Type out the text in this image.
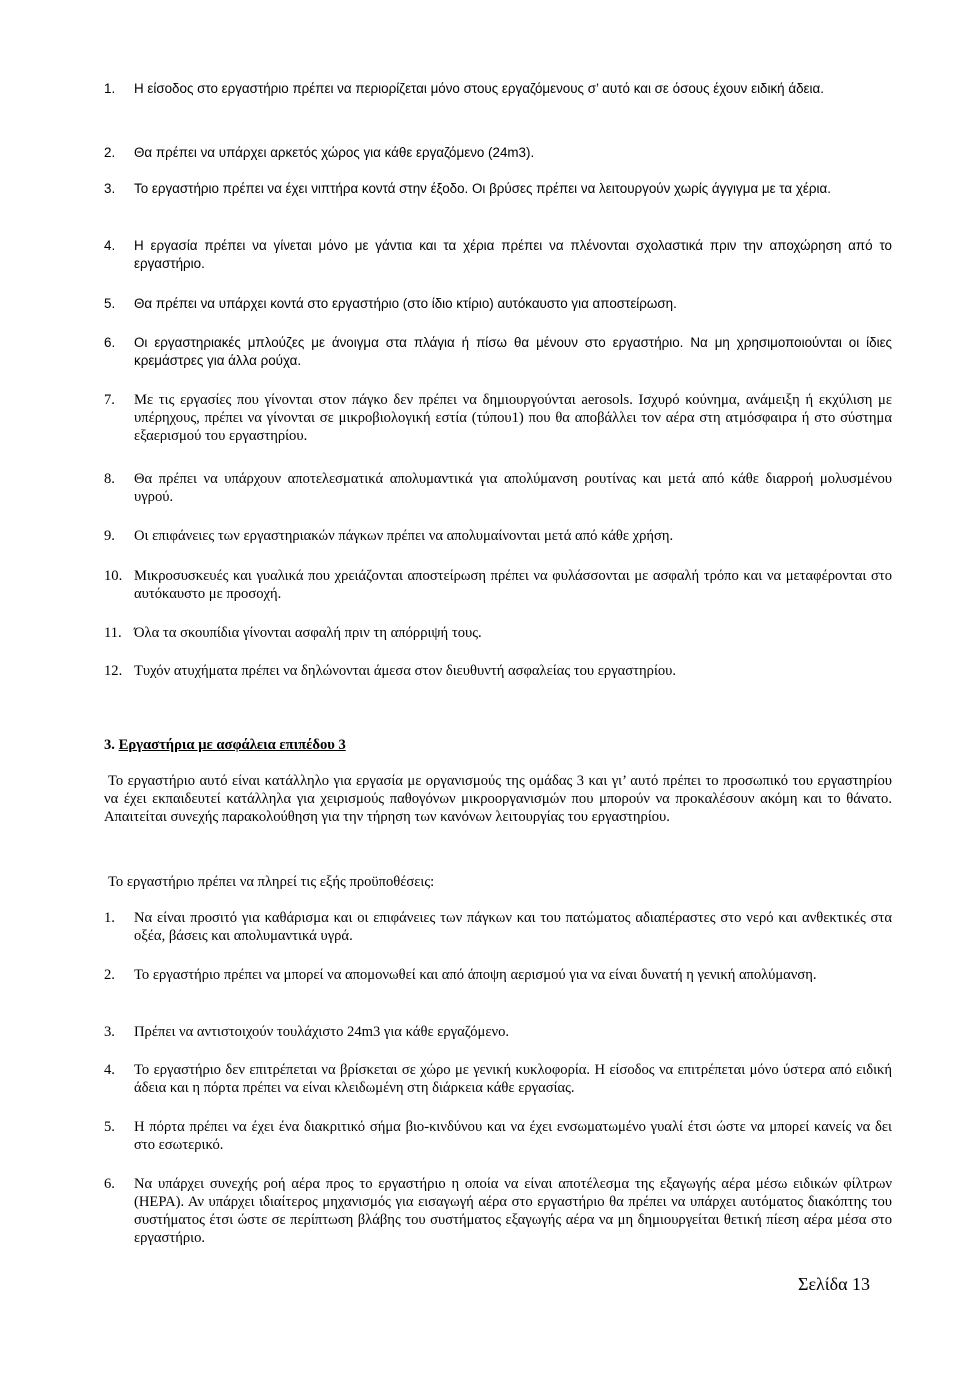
1.	Η είσοδος στο εργαστήριο πρέπει να περιορίζεται μόνο στους εργαζόμενους σ’ αυτό και σε όσους έχουν ειδική άδεια.
2.	Θα πρέπει να υπάρχει αρκετός χώρος για κάθε εργαζόμενο (24m3).
3.	Το εργαστήριο πρέπει να έχει νιπτήρα κοντά στην έξοδο. Οι βρύσες πρέπει να λειτουργούν χωρίς άγγιγμα με τα χέρια.
4.	Η εργασία πρέπει να γίνεται μόνο με γάντια και τα χέρια πρέπει να πλένονται σχολαστικά πριν την αποχώρηση από το εργαστήριο.
5.	Θα πρέπει να υπάρχει κοντά στο εργαστήριο (στο ίδιο κτίριο) αυτόκαυστο για αποστείρωση.
6.	Οι εργαστηριακές μπλούζες με άνοιγμα στα πλάγια ή πίσω θα μένουν στο εργαστήριο. Να μη χρησιμοποιούνται οι ίδιες κρεμάστρες για άλλα ρούχα.
7.	Με τις εργασίες που γίνονται στον πάγκο δεν πρέπει να δημιουργούνται aerosols. Ισχυρό κούνημα, ανάμειξη ή εκχύλιση με υπέρηχους, πρέπει να γίνονται σε μικροβιολογική εστία (τύπου1) που θα αποβάλλει τον αέρα στη ατμόσφαιρα ή στο σύστημα εξαερισμού του εργαστηρίου.
8.	Θα πρέπει να υπάρχουν αποτελεσματικά απολυμαντικά για απολύμανση ρουτίνας και μετά από κάθε διαρροή μολυσμένου υγρού.
9.	Οι επιφάνειες των εργαστηριακών πάγκων πρέπει να απολυμαίνονται μετά από κάθε χρήση.
10. Μικροσυσκευές και γυαλικά που χρειάζονται αποστείρωση πρέπει να φυλάσσονται με ασφαλή τρόπο και να μεταφέρονται στο αυτόκαυστο με προσοχή.
11. Όλα τα σκουπίδια γίνονται ασφαλή πριν τη απόρριψή τους.
12. Τυχόν ατυχήματα πρέπει να δηλώνονται άμεσα στον διευθυντή ασφαλείας του εργαστηρίου.
3. Εργαστήρια με ασφάλεια επιπέδου 3
Το εργαστήριο αυτό είναι κατάλληλο για εργασία με οργανισμούς της ομάδας 3 και γι’ αυτό πρέπει το προσωπικό του εργαστηρίου να έχει εκπαιδευτεί κατάλληλα για χειρισμούς παθογόνων μικροοργανισμών που μπορούν να προκαλέσουν ακόμη και το θάνατο. Απαιτείται συνεχής παρακολούθηση για την τήρηση των κανόνων λειτουργίας του εργαστηρίου.
Το εργαστήριο πρέπει να πληρεί τις εξής προϋποθέσεις:
1.	Να είναι προσιτό για καθάρισμα και οι επιφάνειες των πάγκων και του πατώματος αδιαπέραστες στο νερό και ανθεκτικές στα οξέα, βάσεις και απολυμαντικά υγρά.
2.	Το εργαστήριο πρέπει να μπορεί να απομονωθεί και από άποψη αερισμού για να είναι δυνατή η γενική απολύμανση.
3.	Πρέπει να αντιστοιχούν τουλάχιστο 24m3 για κάθε εργαζόμενο.
4.	Το εργαστήριο δεν επιτρέπεται να βρίσκεται σε χώρο με γενική κυκλοφορία. Η είσοδος να επιτρέπεται μόνο ύστερα από ειδική άδεια και η πόρτα πρέπει να είναι κλειδωμένη στη διάρκεια κάθε εργασίας.
5.	Η πόρτα πρέπει να έχει ένα διακριτικό σήμα βιο-κινδύνου και να έχει ενσωματωμένο γυαλί έτσι ώστε να μπορεί κανείς να δει στο εσωτερικό.
6.	Να υπάρχει συνεχής ροή αέρα προς το εργαστήριο η οποία να είναι αποτέλεσμα της εξαγωγής αέρα μέσω ειδικών φίλτρων (HEPA). Αν υπάρχει ιδιαίτερος μηχανισμός για εισαγωγή αέρα στο εργαστήριο θα πρέπει να υπάρχει αυτόματος διακόπτης του συστήματος έτσι ώστε σε περίπτωση βλάβης του συστήματος εξαγωγής αέρα να μη δημιουργείται θετική πίεση αέρα μέσα στο εργαστήριο.
Σελίδα 13
